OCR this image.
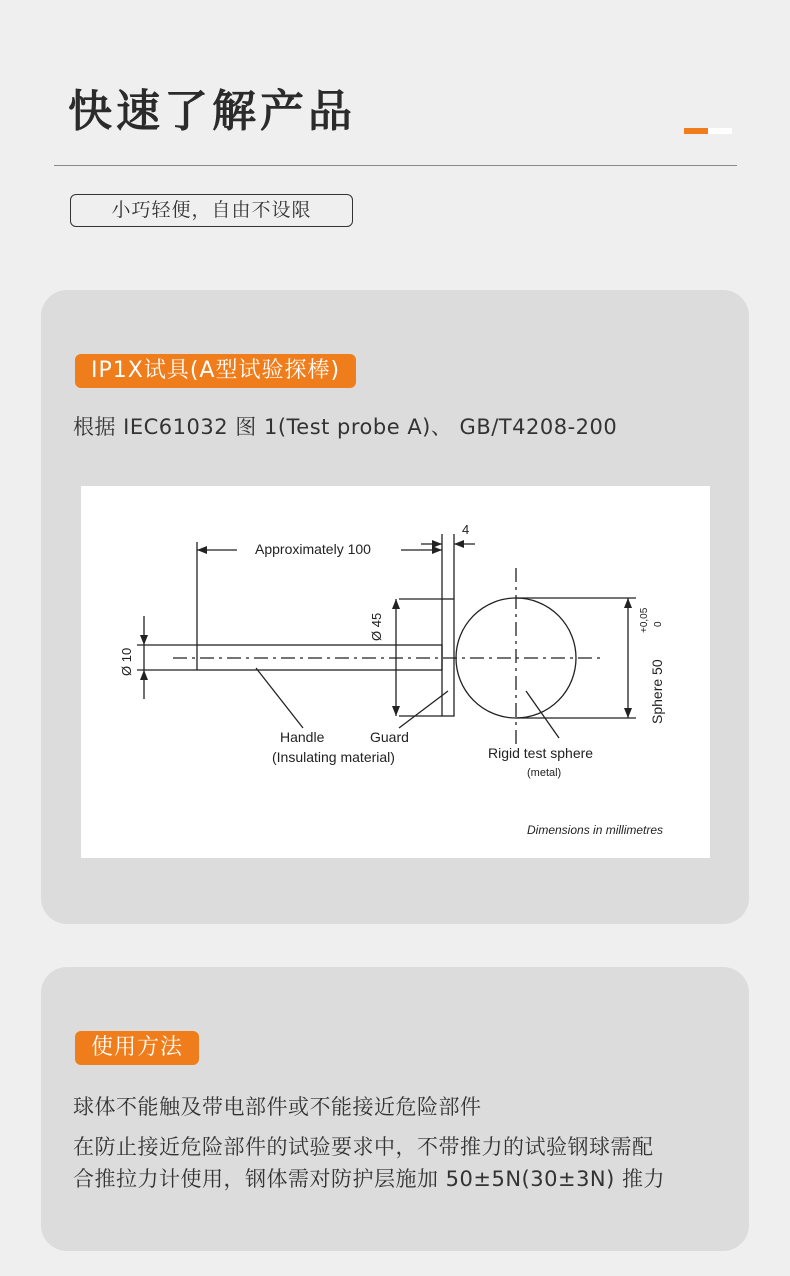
快速了解产品
小巧轻便，自由不设限
IP1X试具(A型试验探棒)
根据 IEC61032 图 1(Test probe A)、 GB/T4208-200
Approximately 100
4
Ø 45
Ø 10	Sphere 50
+0,05 0
Handle
(Insulating material)
Guard
Rigid test sphere
(metal)
Dimensions in millimetres
使用方法
球体不能触及带电部件或不能接近危险部件
在防止接近危险部件的试验要求中，不带推力的试验钢球需配
合推拉力计使用，钢体需对防护层施加 50±5N(30±3N) 推力
